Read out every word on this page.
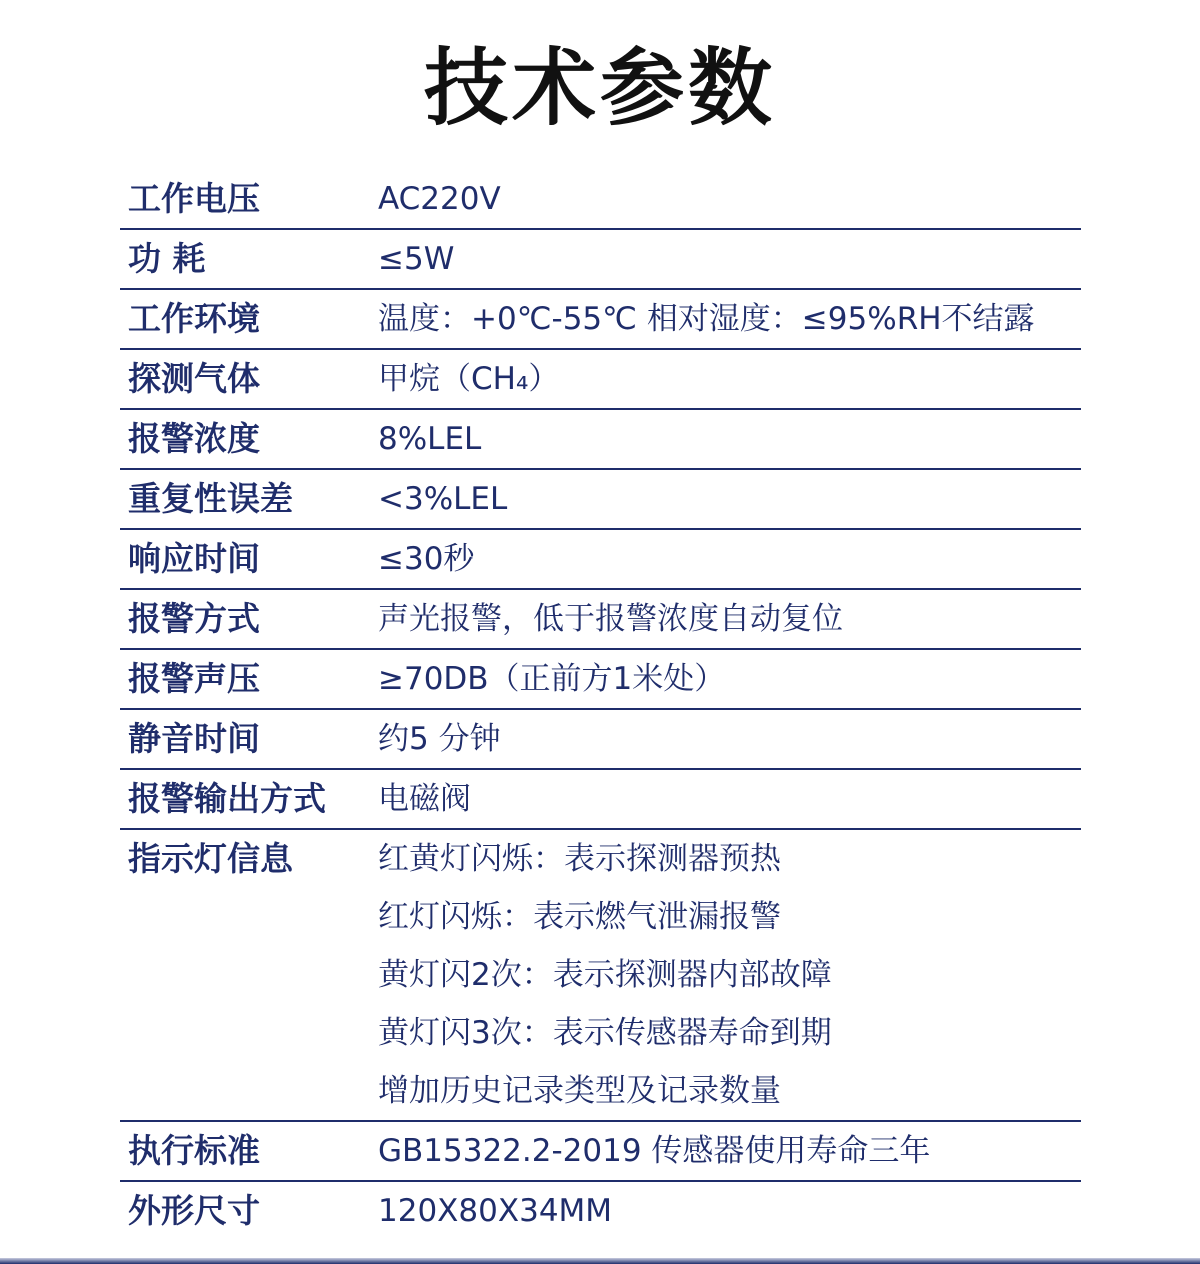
技术参数
工作电压	AC220V
功 耗	≤5W
工作环境	温度：+0℃-55℃ 相对湿度：≤95%RH不结露
探测气体	甲烷（CH₄）
报警浓度	8%LEL
重复性误差	<3%LEL
响应时间	≤30秒
报警方式	声光报警，低于报警浓度自动复位
报警声压	≥70DB（正前方1米处）
静音时间	约5 分钟
报警输出方式 电磁阀
指示灯信息	红黄灯闪烁：表示探测器预热
红灯闪烁：表示燃气泄漏报警
黄灯闪2次：表示探测器内部故障
黄灯闪3次：表示传感器寿命到期
增加历史记录类型及记录数量
执行标准	GB15322.2-2019 传感器使用寿命三年
外形尺寸	120X80X34MM
